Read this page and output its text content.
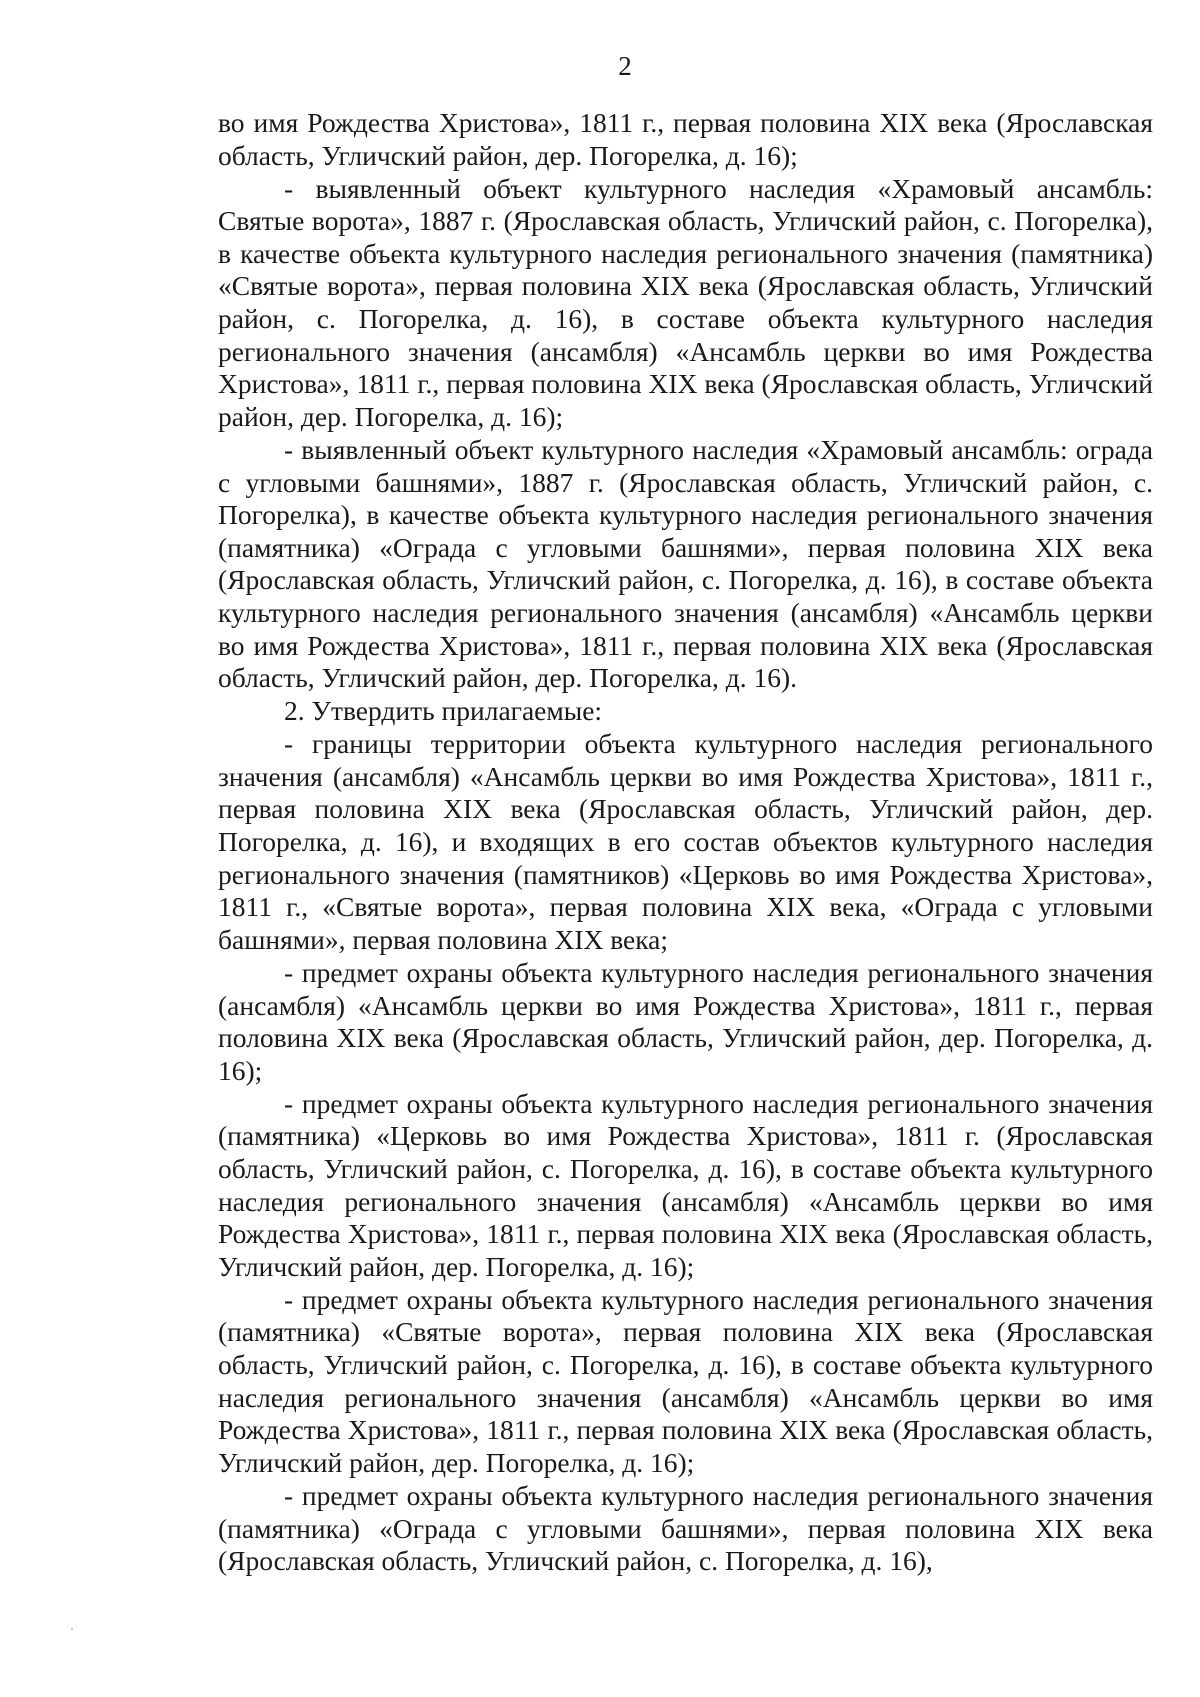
2

во имя Рождества Христова», 1811 г., первая половина XIX века (Ярославская область, Угличский район, дер. Погорелка, д. 16);

- выявленный объект культурного наследия «Храмовый ансамбль: Святые ворота», 1887 г. (Ярославская область, Угличский район, с. Погорелка), в качестве объекта культурного наследия регионального значения (памятника) «Святые ворота», первая половина XIX века (Ярославская область, Угличский район, с. Погорелка, д. 16), в составе объекта культурного наследия регионального значения (ансамбля) «Ансамбль церкви во имя Рождества Христова», 1811 г., первая половина XIX века (Ярославская область, Угличский район, дер. Погорелка, д. 16);

- выявленный объект культурного наследия «Храмовый ансамбль: ограда с угловыми башнями», 1887 г. (Ярославская область, Угличский район, с. Погорелка), в качестве объекта культурного наследия регионального значения (памятника) «Ограда с угловыми башнями», первая половина XIX века (Ярославская область, Угличский район, с. Погорелка, д. 16), в составе объекта культурного наследия регионального значения (ансамбля) «Ансамбль церкви во имя Рождества Христова», 1811 г., первая половина XIX века (Ярославская область, Угличский район, дер. Погорелка, д. 16).

2. Утвердить прилагаемые:

- границы территории объекта культурного наследия регионального значения (ансамбля) «Ансамбль церкви во имя Рождества Христова», 1811 г., первая половина XIX века (Ярославская область, Угличский район, дер. Погорелка, д. 16), и входящих в его состав объектов культурного наследия регионального значения (памятников) «Церковь во имя Рождества Христова», 1811 г., «Святые ворота», первая половина XIX века, «Ограда с угловыми башнями», первая половина XIX века;

- предмет охраны объекта культурного наследия регионального значения (ансамбля) «Ансамбль церкви во имя Рождества Христова», 1811 г., первая половина XIX века (Ярославская область, Угличский район, дер. Погорелка, д. 16);

- предмет охраны объекта культурного наследия регионального значения (памятника) «Церковь во имя Рождества Христова», 1811 г. (Ярославская область, Угличский район, с. Погорелка, д. 16), в составе объекта культурного наследия регионального значения (ансамбля) «Ансамбль церкви во имя Рождества Христова», 1811 г., первая половина XIX века (Ярославская область, Угличский район, дер. Погорелка, д. 16);

- предмет охраны объекта культурного наследия регионального значения (памятника) «Святые ворота», первая половина XIX века (Ярославская область, Угличский район, с. Погорелка, д. 16), в составе объекта культурного наследия регионального значения (ансамбля) «Ансамбль церкви во имя Рождества Христова», 1811 г., первая половина XIX века (Ярославская область, Угличский район, дер. Погорелка, д. 16);

- предмет охраны объекта культурного наследия регионального значения (памятника) «Ограда с угловыми башнями», первая половина XIX века (Ярославская область, Угличский район, с. Погорелка, д. 16),
